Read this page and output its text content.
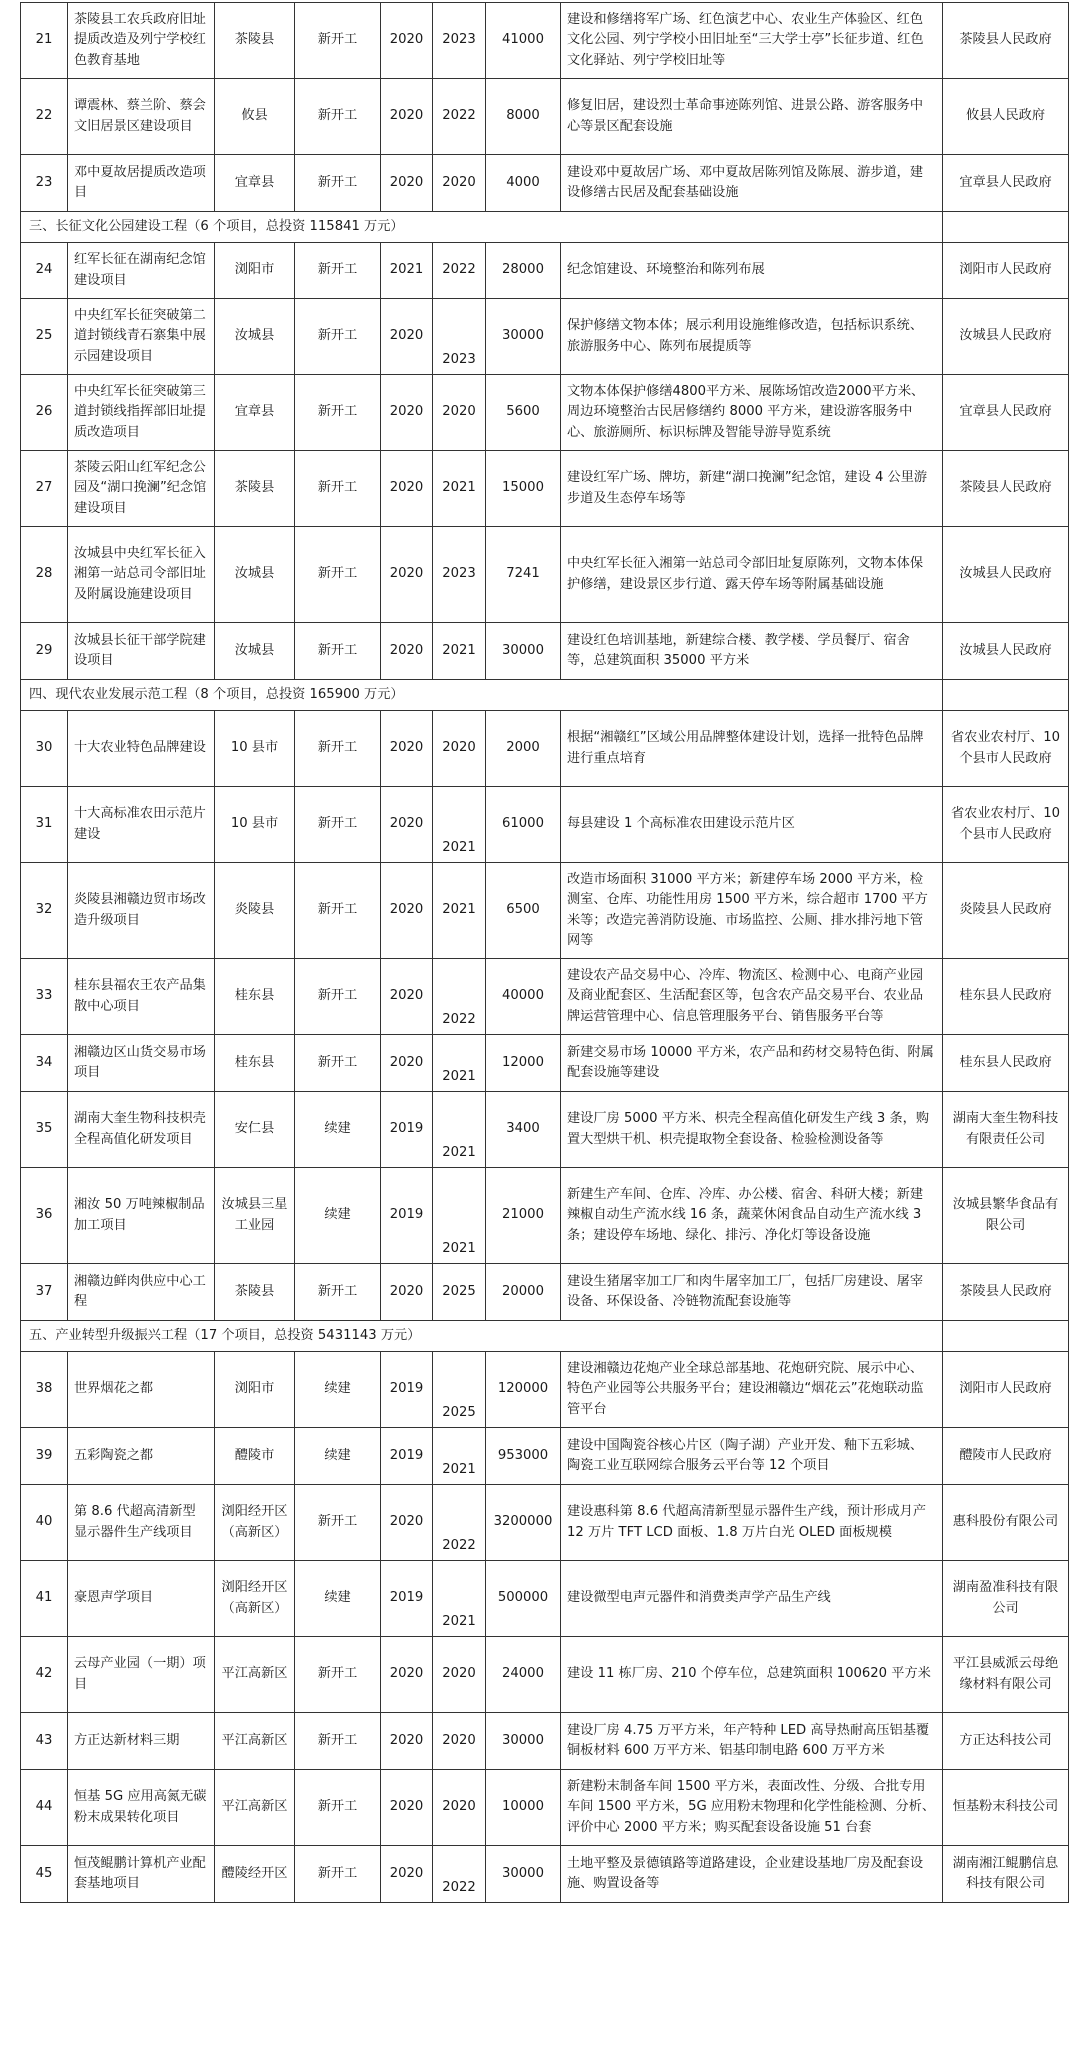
21	茶陵县工农兵政府旧址提质改造及列宁学校红色教育基地	茶陵县	新开工	2020	2023	41000	建设和修缮将军广场、红色演艺中心、农业生产体验区、红色文化公园、列宁学校小田旧址至“三大学士亭”长征步道、红色文化驿站、列宁学校旧址等	茶陵县人民政府
22	谭震林、蔡兰阶、蔡会文旧居景区建设项目	攸县	新开工	2020	2022	8000	修复旧居，建设烈士革命事迹陈列馆、进景公路、游客服务中心等景区配套设施	攸县人民政府
23	邓中夏故居提质改造项目	宜章县	新开工	2020	2020	4000	建设邓中夏故居广场、邓中夏故居陈列馆及陈展、游步道，建设修缮古民居及配套基础设施	宜章县人民政府
三、长征文化公园建设工程（6 个项目，总投资 115841 万元）								
24	红军长征在湖南纪念馆建设项目	浏阳市	新开工	2021	2022	28000	纪念馆建设、环境整治和陈列布展	浏阳市人民政府
25	中央红军长征突破第二道封锁线青石寨集中展示园建设项目	汝城县	新开工	2020	2023	30000	保护修缮文物本体；展示利用设施维修改造，包括标识系统、旅游服务中心、陈列布展提质等	汝城县人民政府
26	中央红军长征突破第三道封锁线指挥部旧址提质改造项目	宜章县	新开工	2020	2020	5600	文物本体保护修缮4800平方米、展陈场馆改造2000平方米、周边环境整治古民居修缮约 8000 平方米，建设游客服务中心、旅游厕所、标识标牌及智能导游导览系统	宜章县人民政府
27	茶陵云阳山红军纪念公园及“湖口挽澜”纪念馆建设项目	茶陵县	新开工	2020	2021	15000	建设红军广场、牌坊，新建“湖口挽澜”纪念馆，建设 4 公里游步道及生态停车场等	茶陵县人民政府
28	汝城县中央红军长征入湘第一站总司令部旧址及附属设施建设项目	汝城县	新开工	2020	2023	7241	中央红军长征入湘第一站总司令部旧址复原陈列，文物本体保护修缮，建设景区步行道、露天停车场等附属基础设施	汝城县人民政府
29	汝城县长征干部学院建设项目	汝城县	新开工	2020	2021	30000	建设红色培训基地，新建综合楼、教学楼、学员餐厅、宿舍等，总建筑面积 35000 平方米	汝城县人民政府
四、现代农业发展示范工程（8 个项目，总投资 165900 万元）								
30	十大农业特色品牌建设	10 县市	新开工	2020	2020	2000	根据“湘赣红”区域公用品牌整体建设计划，选择一批特色品牌进行重点培育	省农业农村厅、10 个县市人民政府
31	十大高标准农田示范片建设	10 县市	新开工	2020	2021	61000	每县建设 1 个高标准农田建设示范片区	省农业农村厅、10 个县市人民政府
32	炎陵县湘赣边贸市场改造升级项目	炎陵县	新开工	2020	2021	6500	改造市场面积 31000 平方米；新建停车场 2000 平方米，检测室、仓库、功能性用房 1500 平方米，综合超市 1700 平方米等；改造完善消防设施、市场监控、公厕、排水排污地下管网等	炎陵县人民政府
33	桂东县福农王农产品集散中心项目	桂东县	新开工	2020	2022	40000	建设农产品交易中心、冷库、物流区、检测中心、电商产业园及商业配套区、生活配套区等，包含农产品交易平台、农业品牌运营管理中心、信息管理服务平台、销售服务平台等	桂东县人民政府
34	湘赣边区山货交易市场项目	桂东县	新开工	2020	2021	12000	新建交易市场 10000 平方米，农产品和药材交易特色街、附属配套设施等建设	桂东县人民政府
35	湖南大奎生物科技枳壳全程高值化研发项目	安仁县	续建	2019	2021	3400	建设厂房 5000 平方米、枳壳全程高值化研发生产线 3 条，购置大型烘干机、枳壳提取物全套设备、检验检测设备等	湖南大奎生物科技有限责任公司
36	湘汝 50 万吨辣椒制品加工项目	汝城县三星工业园	续建	2019	2021	21000	新建生产车间、仓库、冷库、办公楼、宿舍、科研大楼；新建辣椒自动生产流水线 16 条，蔬菜休闲食品自动生产流水线 3 条；建设停车场地、绿化、排污、净化灯等设备设施	汝城县繁华食品有限公司
37	湘赣边鲜肉供应中心工程	茶陵县	新开工	2020	2025	20000	建设生猪屠宰加工厂和肉牛屠宰加工厂，包括厂房建设、屠宰设备、环保设备、冷链物流配套设施等	茶陵县人民政府
五、产业转型升级振兴工程（17 个项目，总投资 5431143 万元）								
38	世界烟花之都	浏阳市	续建	2019	2025	120000	建设湘赣边花炮产业全球总部基地、花炮研究院、展示中心、特色产业园等公共服务平台；建设湘赣边“烟花云”花炮联动监管平台	浏阳市人民政府
39	五彩陶瓷之都	醴陵市	续建	2019	2021	953000	建设中国陶瓷谷核心片区（陶子湖）产业开发、釉下五彩城、陶瓷工业互联网综合服务云平台等 12 个项目	醴陵市人民政府
40	第 8.6 代超高清新型显示器件生产线项目	浏阳经开区（高新区）	新开工	2020	2022	3200000	建设惠科第 8.6 代超高清新型显示器件生产线，预计形成月产 12 万片 TFT LCD 面板、1.8 万片白光 OLED 面板规模	惠科股份有限公司
41	豪恩声学项目	浏阳经开区（高新区）	续建	2019	2021	500000	建设微型电声元器件和消费类声学产品生产线	湖南盈准科技有限公司
42	云母产业园（一期）项目	平江高新区	新开工	2020	2020	24000	建设 11 栋厂房、210 个停车位，总建筑面积 100620 平方米	平江县威派云母绝缘材料有限公司
43	方正达新材料三期	平江高新区	新开工	2020	2020	30000	建设厂房 4.75 万平方米，年产特种 LED 高导热耐高压铝基覆铜板材料 600 万平方米、铝基印制电路 600 万平方米	方正达科技公司
44	恒基 5G 应用高氮无碳粉末成果转化项目	平江高新区	新开工	2020	2020	10000	新建粉末制备车间 1500 平方米，表面改性、分级、合批专用车间 1500 平方米，5G 应用粉末物理和化学性能检测、分析、评价中心 2000 平方米；购买配套设备设施 51 台套	恒基粉末科技公司
45	恒茂鲲鹏计算机产业配套基地项目	醴陵经开区	新开工	2020	2022	30000	土地平整及景德镇路等道路建设，企业建设基地厂房及配套设施、购置设备等	湖南湘江鲲鹏信息科技有限公司
